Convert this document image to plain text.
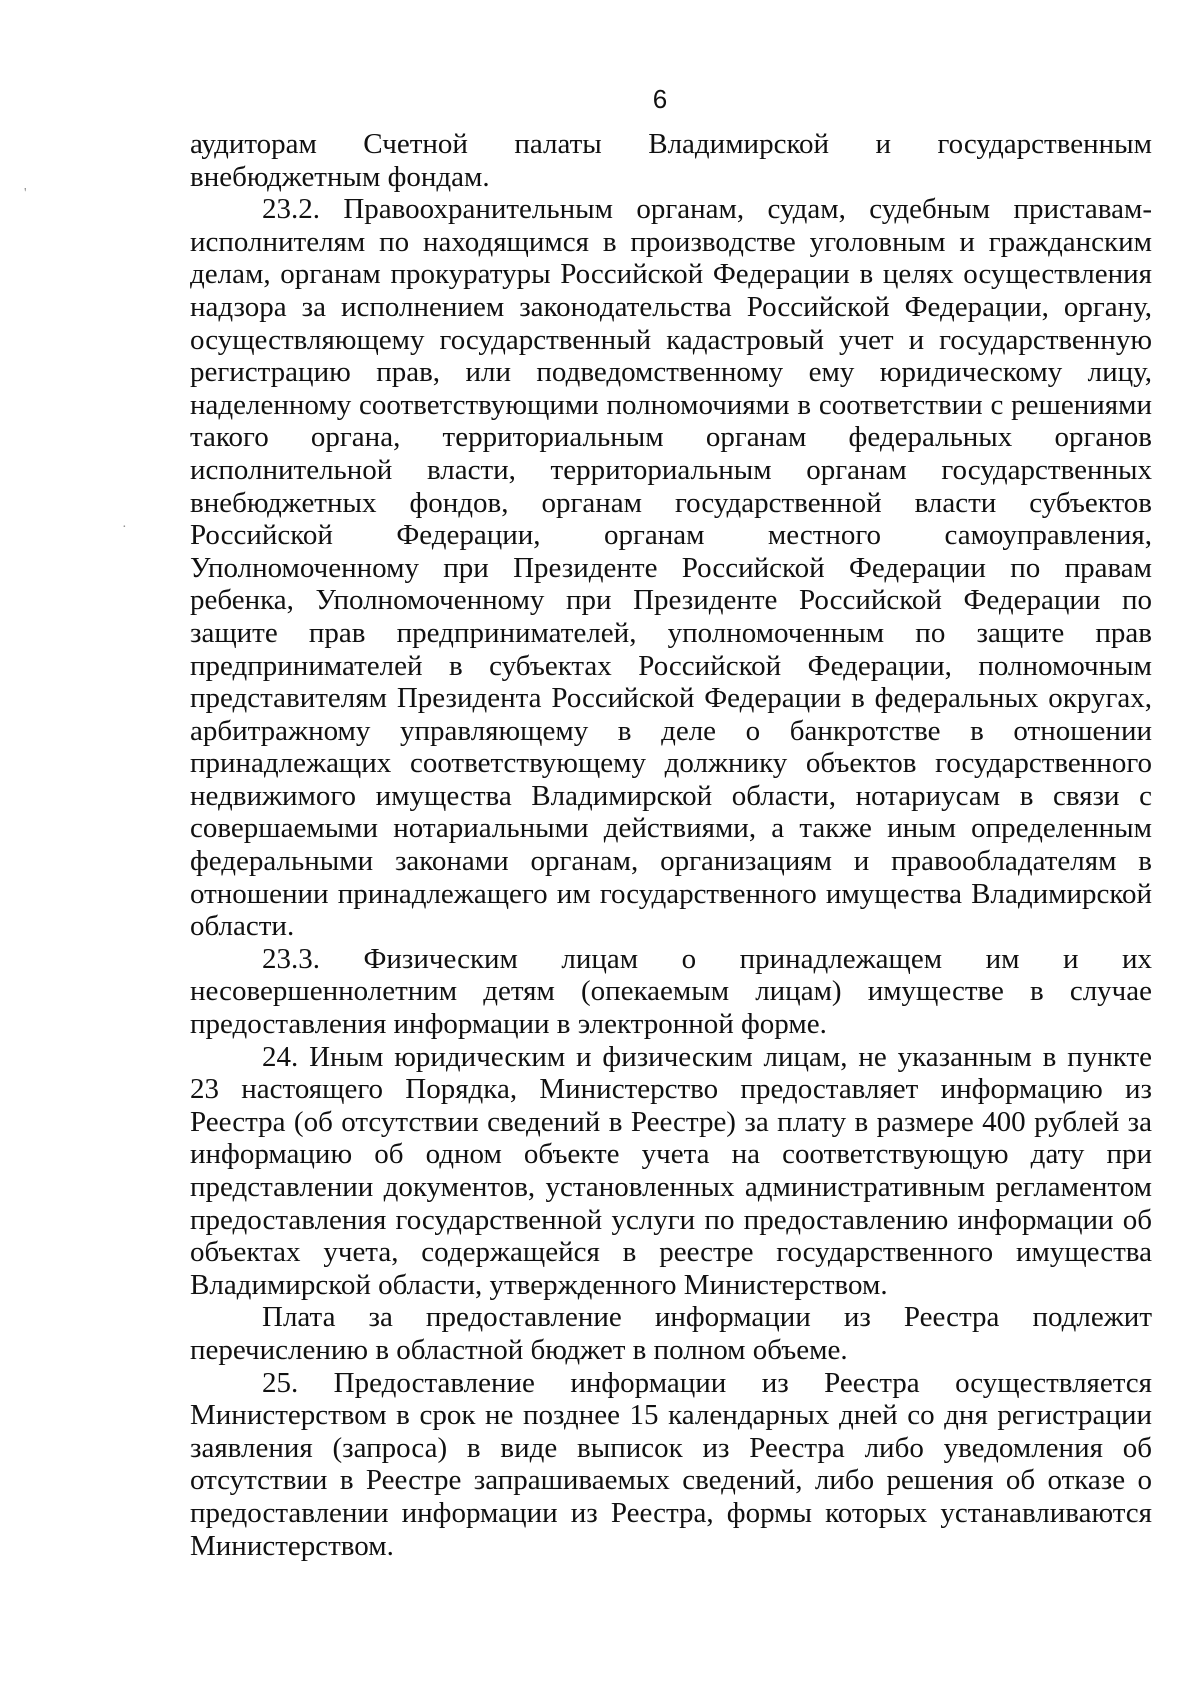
6
'
·

аудиторам Счетной палаты Владимирской и государственным внебюджетным фондам.

23.2. Правоохранительным органам, судам, судебным приставам-исполнителям по находящимся в производстве уголовным и гражданским делам, органам прокуратуры Российской Федерации в целях осуществления надзора за исполнением законодательства Российской Федерации, органу, осуществляющему государственный кадастровый учет и государственную регистрацию прав, или подведомственному ему юридическому лицу, наделенному соответствующими полномочиями в соответствии с решениями такого органа, территориальным органам федеральных органов исполнительной власти, территориальным органам государственных внебюджетных фондов, органам государственной власти субъектов Российской Федерации, органам местного самоуправления, Уполномоченному при Президенте Российской Федерации по правам ребенка, Уполномоченному при Президенте Российской Федерации по защите прав предпринимателей, уполномоченным по защите прав предпринимателей в субъектах Российской Федерации, полномочным представителям Президента Российской Федерации в федеральных округах, арбитражному управляющему в деле о банкротстве в отношении принадлежащих соответствующему должнику объектов государственного недвижимого имущества Владимирской области, нотариусам в связи с совершаемыми нотариальными действиями, а также иным определенным федеральными законами органам, организациям и правообладателям в отношении принадлежащего им государственного имущества Владимирской области.

23.3. Физическим лицам о принадлежащем им и их несовершеннолетним детям (опекаемым лицам) имуществе в случае предоставления информации в электронной форме.

24. Иным юридическим и физическим лицам, не указанным в пункте 23 настоящего Порядка, Министерство предоставляет информацию из Реестра (об отсутствии сведений в Реестре) за плату в размере 400 рублей за информацию об одном объекте учета на соответствующую дату при представлении документов, установленных административным регламентом предоставления государственной услуги по предоставлению информации об объектах учета, содержащейся в реестре государственного имущества Владимирской области, утвержденного Министерством.

Плата за предоставление информации из Реестра подлежит перечислению в областной бюджет в полном объеме.

25. Предоставление информации из Реестра осуществляется Министерством в срок не позднее 15 календарных дней со дня регистрации заявления (запроса) в виде выписок из Реестра либо уведомления об отсутствии в Реестре запрашиваемых сведений, либо решения об отказе о предоставлении информации из Реестра, формы которых устанавливаются Министерством.
